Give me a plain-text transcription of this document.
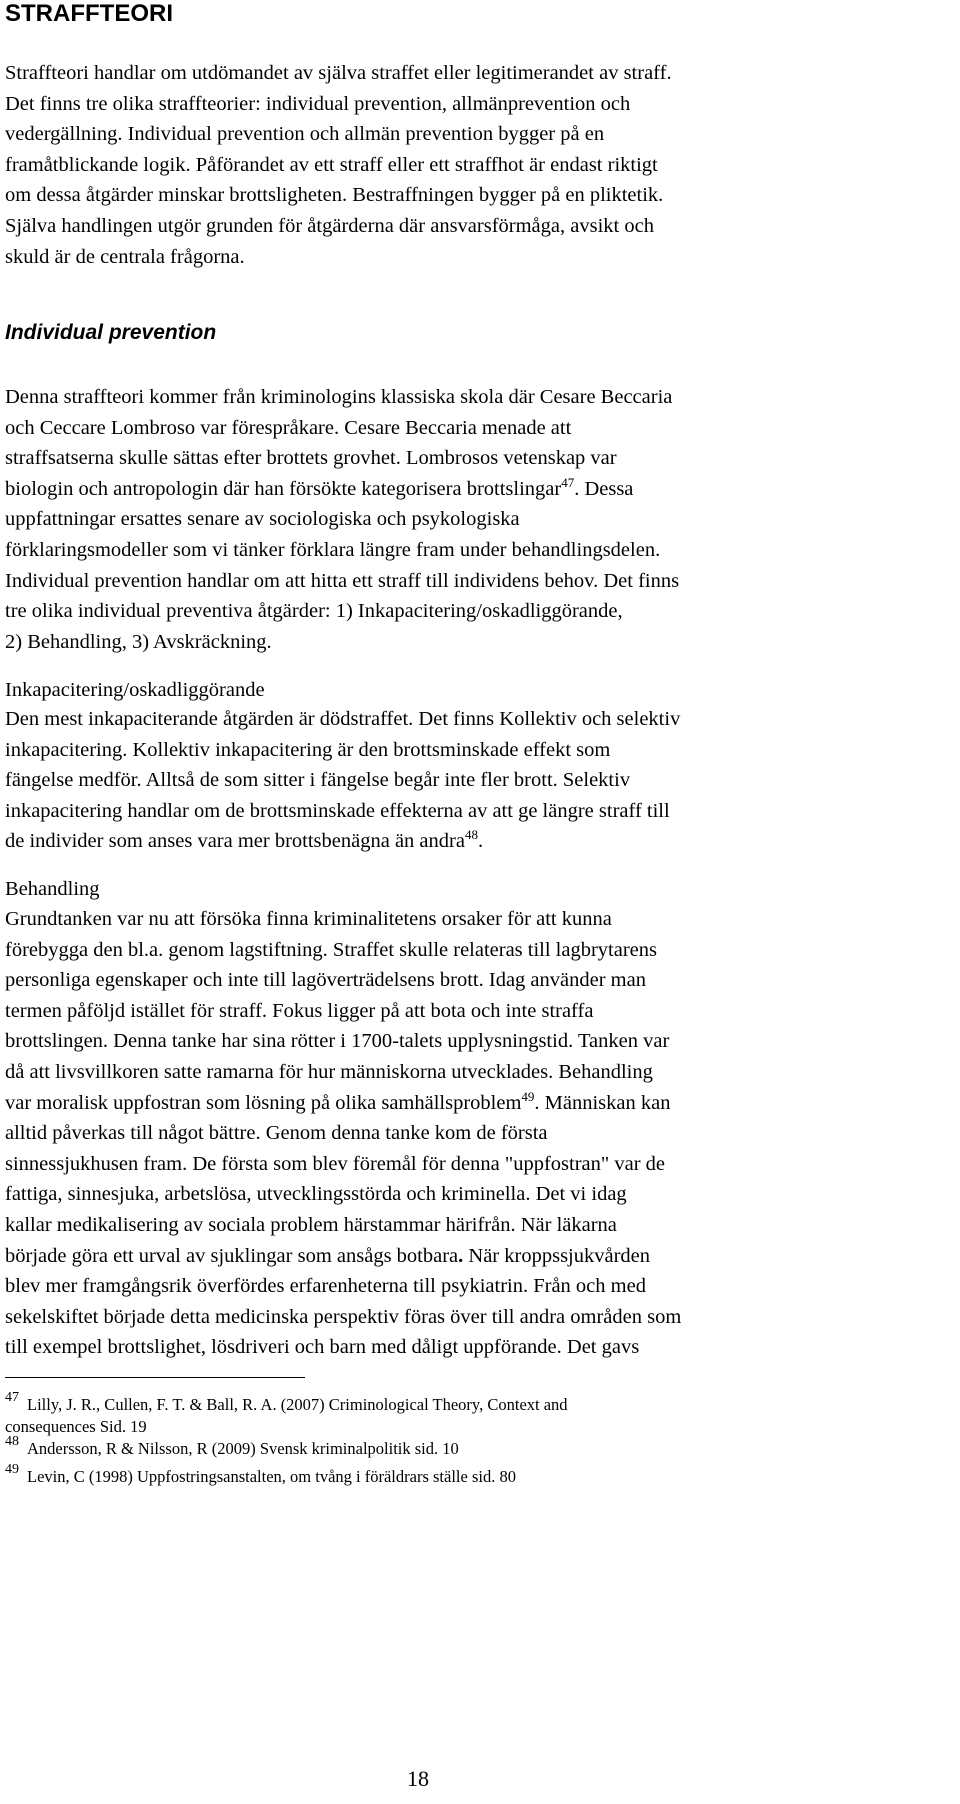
STRAFFTEORI

Straffteori handlar om utdömandet av själva straffet eller legitimerandet av straff.
Det finns tre olika straffteorier: individual prevention, allmänprevention och
vedergällning. Individual prevention och allmän prevention bygger på en
framåtblickande logik. Påförandet av ett straff eller ett straffhot är endast riktigt
om dessa åtgärder minskar brottsligheten. Bestraffningen bygger på en pliktetik.
Själva handlingen utgör grunden för åtgärderna där ansvarsförmåga, avsikt och
skuld är de centrala frågorna.

Individual prevention

Denna straffteori kommer från kriminologins klassiska skola där Cesare Beccaria
och Ceccare Lombroso var förespråkare. Cesare Beccaria menade att
straffsatserna skulle sättas efter brottets grovhet. Lombrosos vetenskap var
biologin och antropologin där han försökte kategorisera brottslingar$^{47}$. Dessa
uppfattningar ersattes senare av sociologiska och psykologiska
förklaringsmodeller som vi tänker förklara längre fram under behandlingsdelen.
Individual prevention handlar om att hitta ett straff till individens behov. Det finns
tre olika individual preventiva åtgärder: 1) Inkapacitering/oskadliggörande,
2) Behandling, 3) Avskräckning.

Inkapacitering/oskadliggörande

Den mest inkapaciterande åtgärden är dödstraffet. Det finns Kollektiv och selektiv
inkapacitering. Kollektiv inkapacitering är den brottsminskade effekt som
fängelse medför. Alltså de som sitter i fängelse begår inte fler brott. Selektiv
inkapacitering handlar om de brottsminskade effekterna av att ge längre straff till
de individer som anses vara mer brottsbenägna än andra$^{48}$.

Behandling

Grundtanken var nu att försöka finna kriminalitetens orsaker för att kunna
förebygga den bl.a. genom lagstiftning. Straffet skulle relateras till lagbrytarens
personliga egenskaper och inte till lagöverträdelsens brott. Idag använder man
termen påföljd istället för straff. Fokus ligger på att bota och inte straffa
brottslingen. Denna tanke har sina rötter i 1700-talets upplysningstid. Tanken var
då att livsvillkoren satte ramarna för hur människorna utvecklades. Behandling
var moralisk uppfostran som lösning på olika samhällsproblem$^{49}$. Människan kan
alltid påverkas till något bättre. Genom denna tanke kom de första
sinnessjukhusen fram. De första som blev föremål för denna "uppfostran" var de
fattiga, sinnesjuka, arbetslösa, utvecklingsstörda och kriminella. Det vi idag
kallar medikalisering av sociala problem härstammar härifrån. När läkarna
började göra ett urval av sjuklingar som ansågs botbara. När kroppssjukvården
blev mer framgångsrik överfördes erfarenheterna till psykiatrin. Från och med
sekelskiftet började detta medicinska perspektiv föras över till andra områden som
till exempel brottslighet, lösdriveri och barn med dåligt uppförande. Det gavs

$^{47}$ Lilly, J. R., Cullen, F. T. & Ball, R. A. (2007) Criminological Theory, Context and
consequences Sid. 19
$^{48}$ Andersson, R & Nilsson, R (2009) Svensk kriminalpolitik sid. 10
$^{49}$ Levin, C (1998) Uppfostringsanstalten, om tvång i föräldrars ställe sid. 80
18
